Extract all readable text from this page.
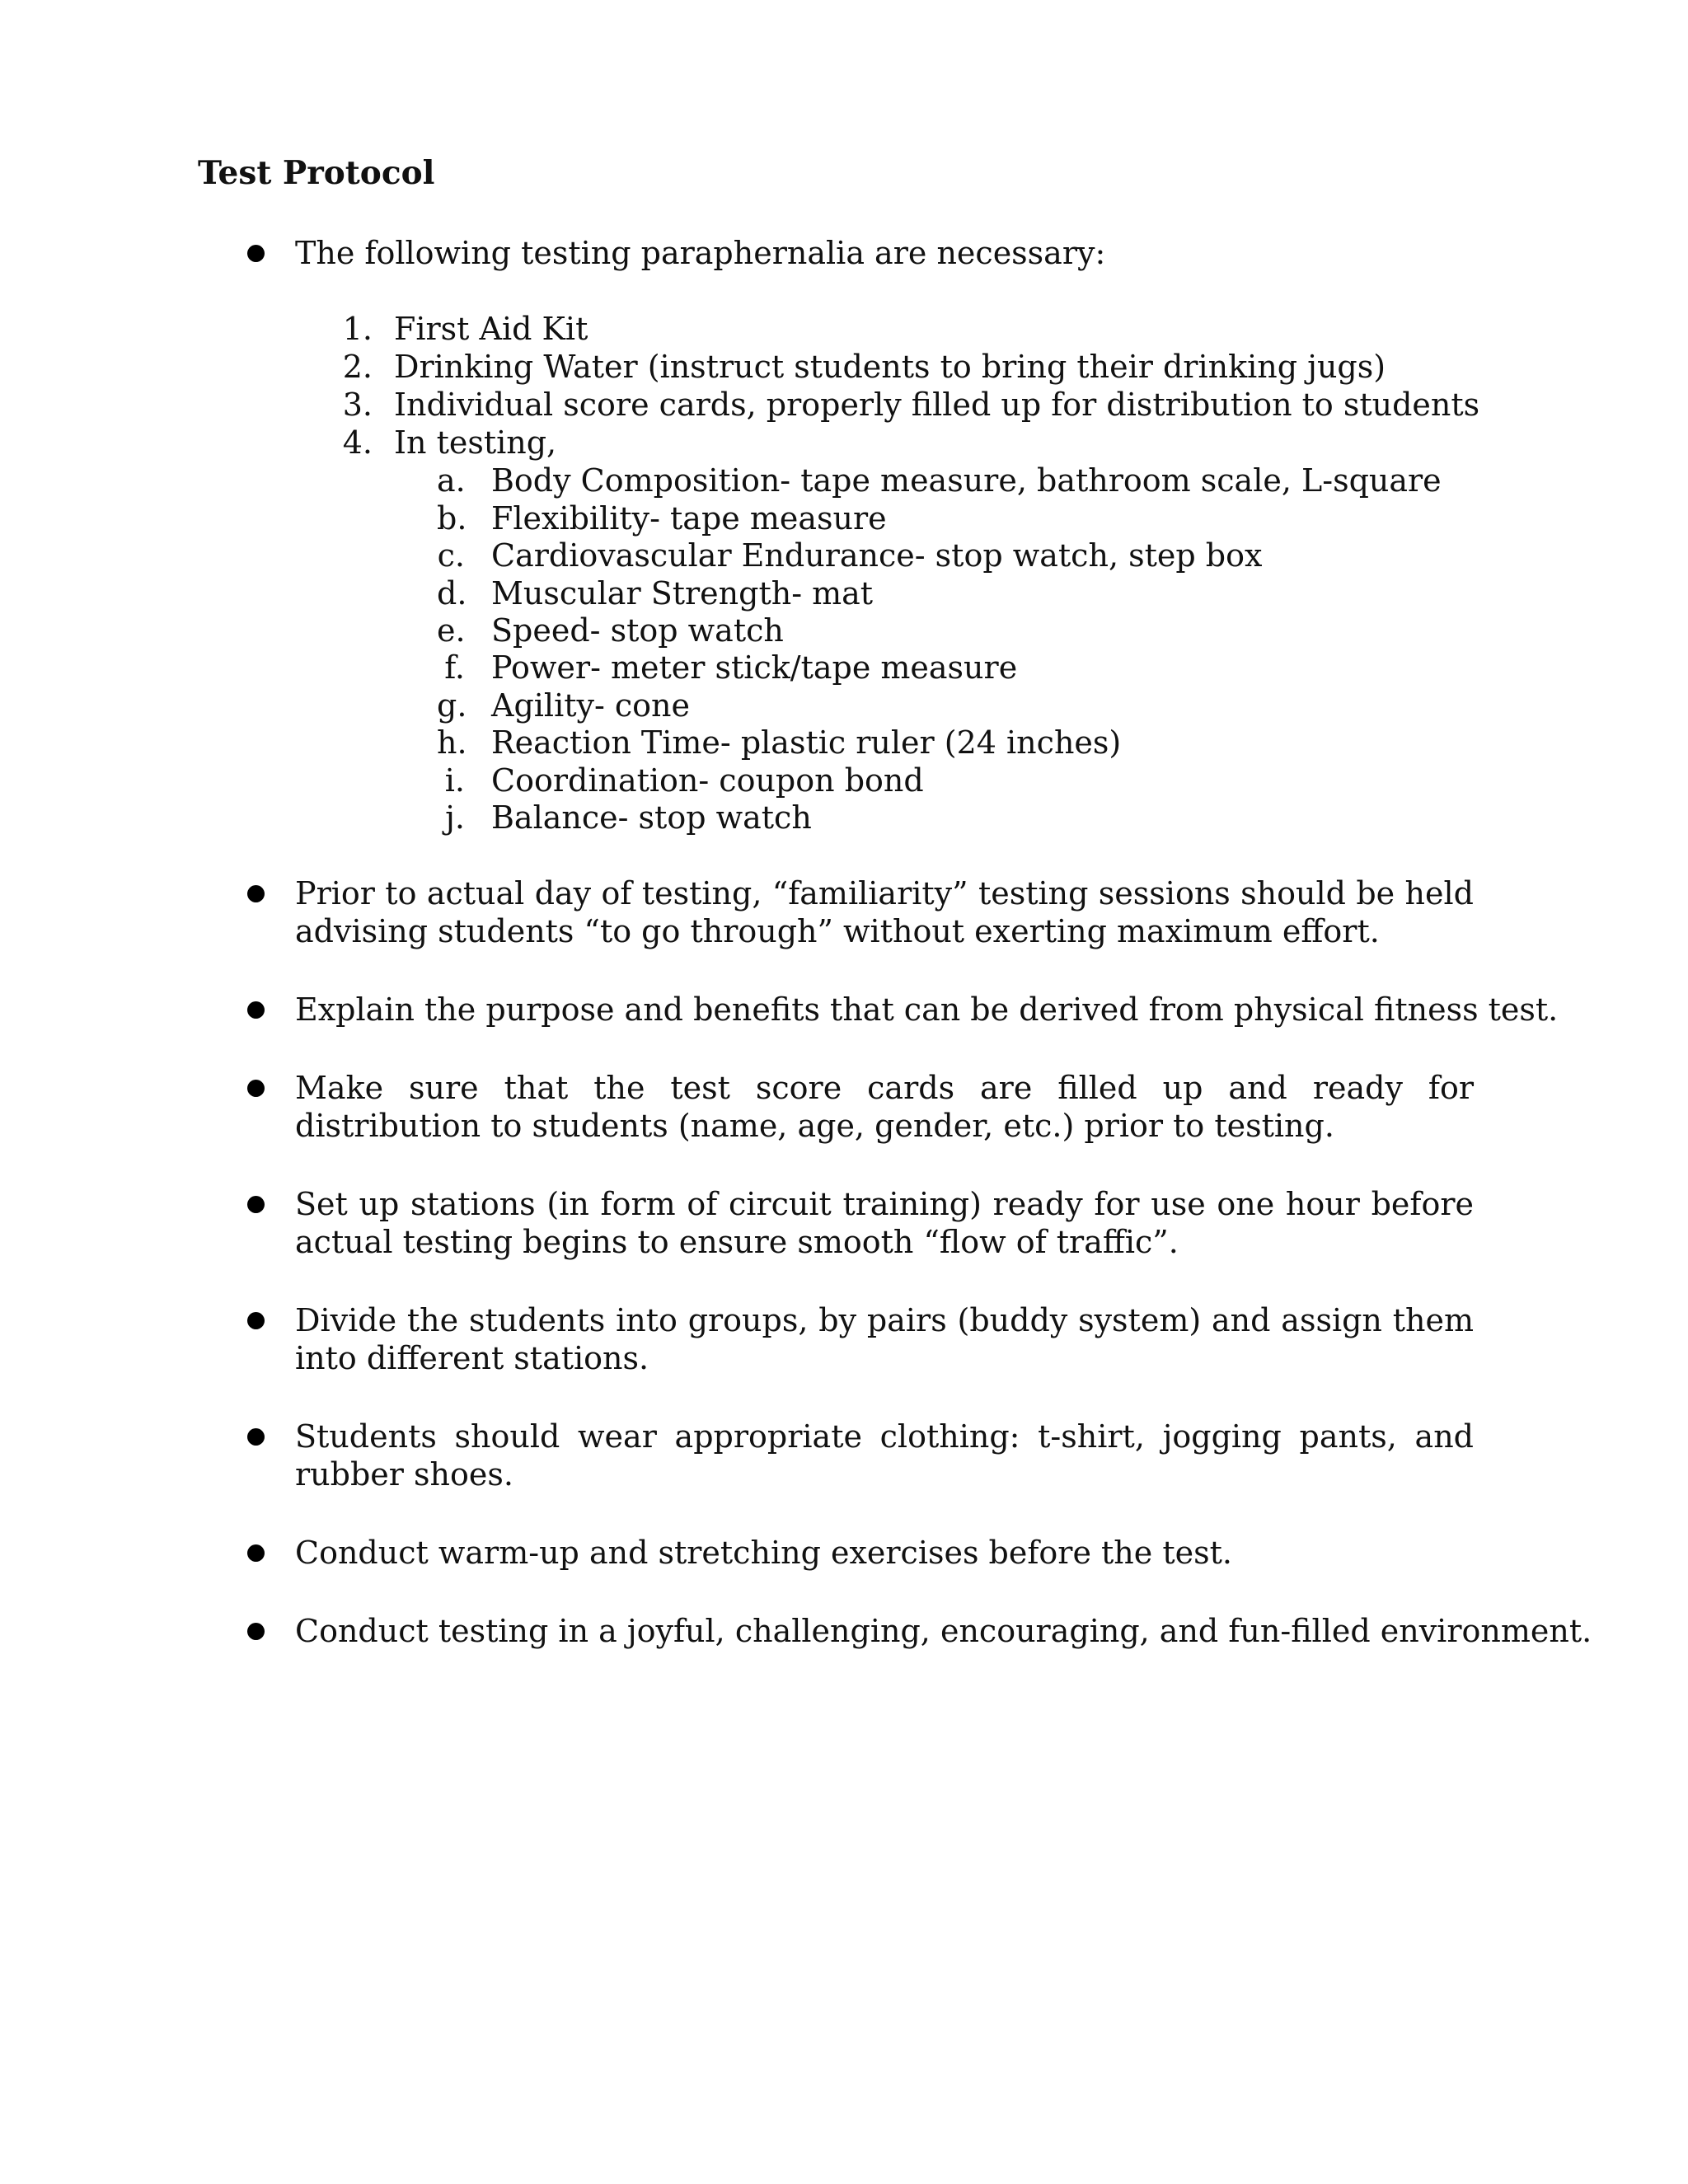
Test Protocol
The following testing paraphernalia are necessary:
1. First Aid Kit
2. Drinking Water (instruct students to bring their drinking jugs)
3. Individual score cards, properly filled up for distribution to students
4. In testing,
a. Body Composition- tape measure, bathroom scale, L-square
b. Flexibility- tape measure
c. Cardiovascular Endurance- stop watch, step box
d. Muscular Strength- mat
e. Speed- stop watch
f. Power- meter stick/tape measure
g. Agility- cone
h. Reaction Time- plastic ruler (24 inches)
i. Coordination- coupon bond
j. Balance- stop watch
Prior to actual day of testing, “familiarity” testing sessions should be held advising students “to go through” without exerting maximum effort.
Explain the purpose and benefits that can be derived from physical fitness test.
Make sure that the test score cards are filled up and ready for distribution to students (name, age, gender, etc.) prior to testing.
Set up stations (in form of circuit training) ready for use one hour before actual testing begins to ensure smooth “flow of traffic”.
Divide the students into groups, by pairs (buddy system) and assign them into different stations.
Students should wear appropriate clothing: t-shirt, jogging pants, and rubber shoes.
Conduct warm-up and stretching exercises before the test.
Conduct testing in a joyful, challenging, encouraging, and fun-filled environment.
